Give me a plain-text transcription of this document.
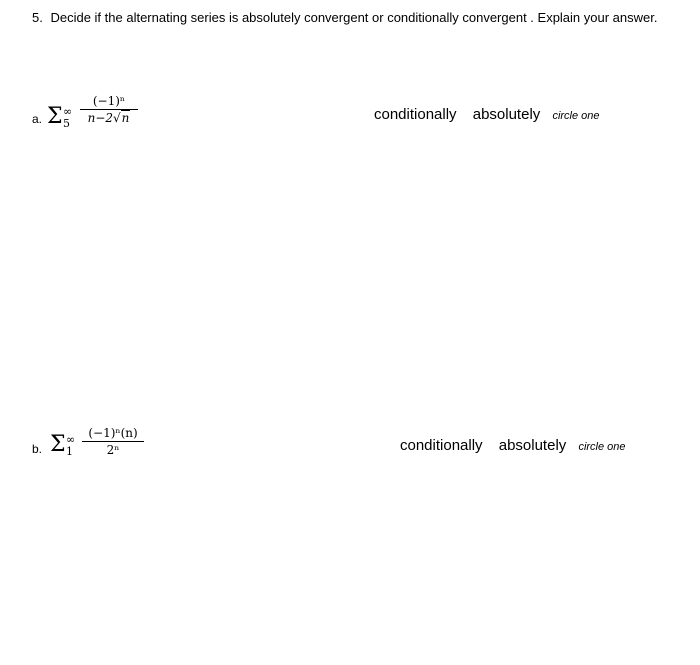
5. Decide if the alternating series is absolutely convergent or conditionally convergent . Explain your answer.
a. Σ ∞
5
(−1)ⁿ
n−2√n	conditionally absolutely circle one
b. Σ ∞
1
(−1)ⁿ(n)
2ⁿ	conditionally absolutely circle one
